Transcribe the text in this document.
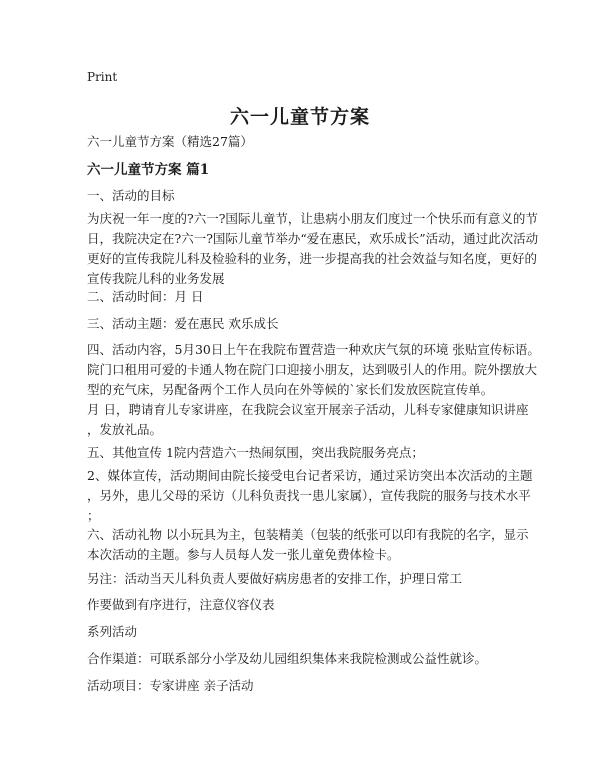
Print
六一儿童节方案
六一儿童节方案（精选27篇）
六一儿童节方案 篇1
一、活动的目标
为庆祝一年一度的?六一?国际儿童节，让患病小朋友们度过一个快乐而有意义的节
日，我院决定在?六一?国际儿童节举办“爱在惠民，欢乐成长”活动，通过此次活动
更好的宣传我院儿科及检验科的业务，进一步提高我的社会效益与知名度，更好的
宣传我院儿科的业务发展
二、活动时间：月 日
三、活动主题：爱在惠民 欢乐成长
四、活动内容，5月30日上午在我院布置营造一种欢庆气氛的环境 张贴宣传标语。
院门口租用可爱的卡通人物在院门口迎接小朋友，达到吸引人的作用。院外摆放大
型的充气床，另配备两个工作人员向在外等候的`家长们发放医院宣传单。
月 日，聘请育儿专家讲座，在我院会议室开展亲子活动，儿科专家健康知识讲座
，发放礼品。
五、其他宣传 1院内营造六一热闹氛围，突出我院服务亮点；
2、媒体宣传，活动期间由院长接受电台记者采访，通过采访突出本次活动的主题
，另外，患儿父母的采访（儿科负责找一患儿家属），宣传我院的服务与技术水平
；
六、活动礼物 以小玩具为主，包装精美（包装的纸张可以印有我院的名字，显示
本次活动的主题。参与人员每人发一张儿童免费体检卡。
另注：活动当天儿科负责人要做好病房患者的安排工作，护理日常工
作要做到有序进行，注意仪容仪表
系列活动
合作渠道：可联系部分小学及幼儿园组织集体来我院检测或公益性就诊。
活动项目：专家讲座 亲子活动
